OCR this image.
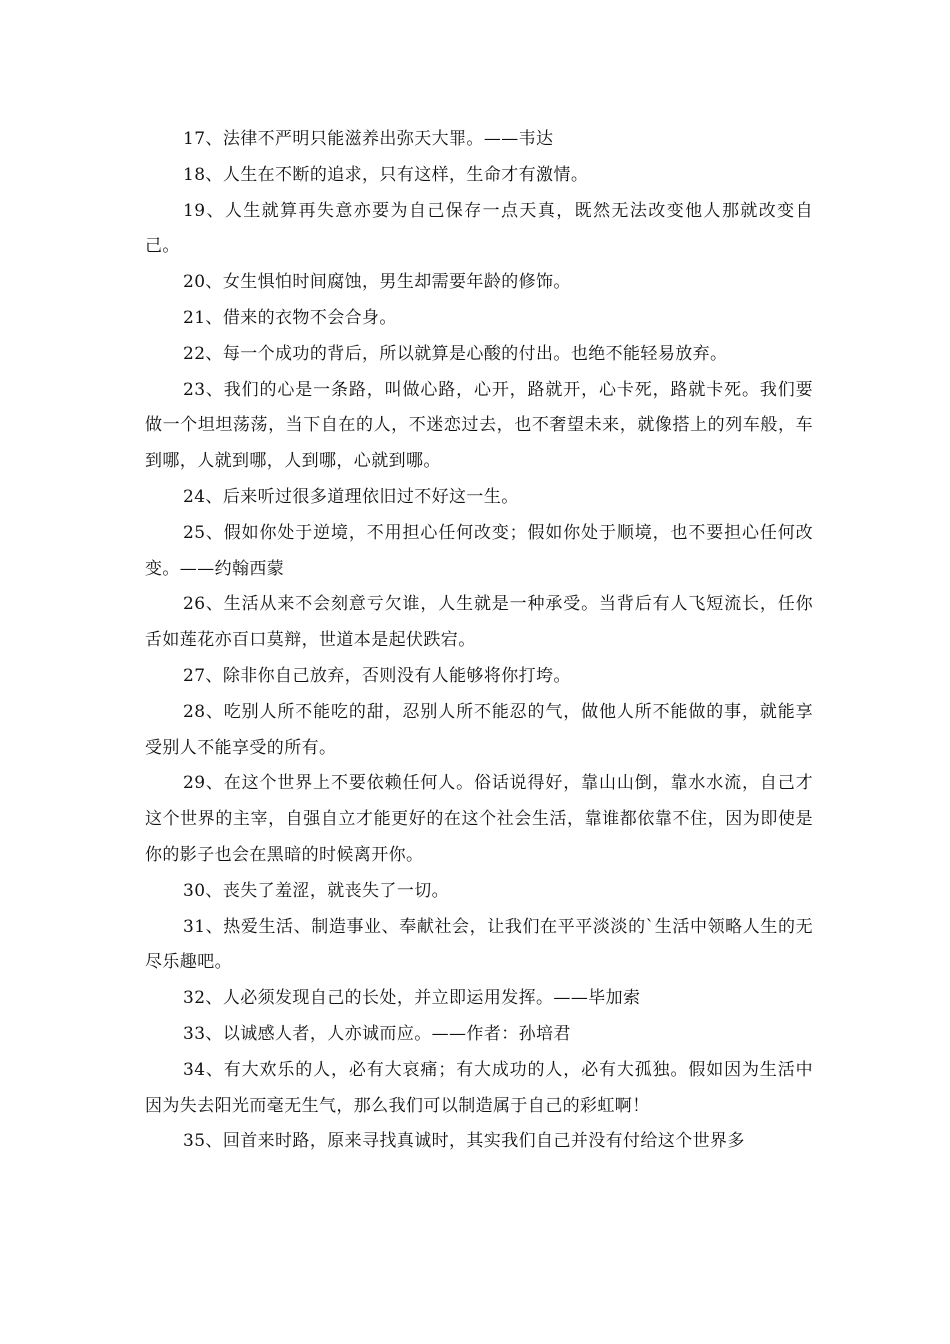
17、法律不严明只能滋养出弥天大罪。——韦达

18、人生在不断的追求，只有这样，生命才有激情。

19、人生就算再失意亦要为自己保存一点天真，既然无法改变他人那就改变自己。

20、女生惧怕时间腐蚀，男生却需要年龄的修饰。

21、借来的衣物不会合身。

22、每一个成功的背后，所以就算是心酸的付出。也绝不能轻易放弃。

23、我们的心是一条路，叫做心路，心开，路就开，心卡死，路就卡死。我们要做一个坦坦荡荡，当下自在的人，不迷恋过去，也不奢望未来，就像搭上的列车般，车到哪，人就到哪，人到哪，心就到哪。

24、后来听过很多道理依旧过不好这一生。

25、假如你处于逆境，不用担心任何改变；假如你处于顺境，也不要担心任何改变。——约翰西蒙

26、生活从来不会刻意亏欠谁，人生就是一种承受。当背后有人飞短流长，任你舌如莲花亦百口莫辩，世道本是起伏跌宕。

27、除非你自己放弃，否则没有人能够将你打垮。

28、吃别人所不能吃的甜，忍别人所不能忍的气，做他人所不能做的事，就能享受别人不能享受的所有。

29、在这个世界上不要依赖任何人。俗话说得好，靠山山倒，靠水水流，自己才这个世界的主宰，自强自立才能更好的在这个社会生活，靠谁都依靠不住，因为即使是你的影子也会在黑暗的时候离开你。

30、丧失了羞涩，就丧失了一切。

31、热爱生活、制造事业、奉献社会，让我们在平平淡淡的`生活中领略人生的无尽乐趣吧。

32、人必须发现自己的长处，并立即运用发挥。——毕加索

33、以诚感人者，人亦诚而应。——作者：孙培君

34、有大欢乐的人，必有大哀痛；有大成功的人，必有大孤独。假如因为生活中因为失去阳光而毫无生气，那么我们可以制造属于自己的彩虹啊！

35、回首来时路，原来寻找真诚时，其实我们自己并没有付给这个世界多
